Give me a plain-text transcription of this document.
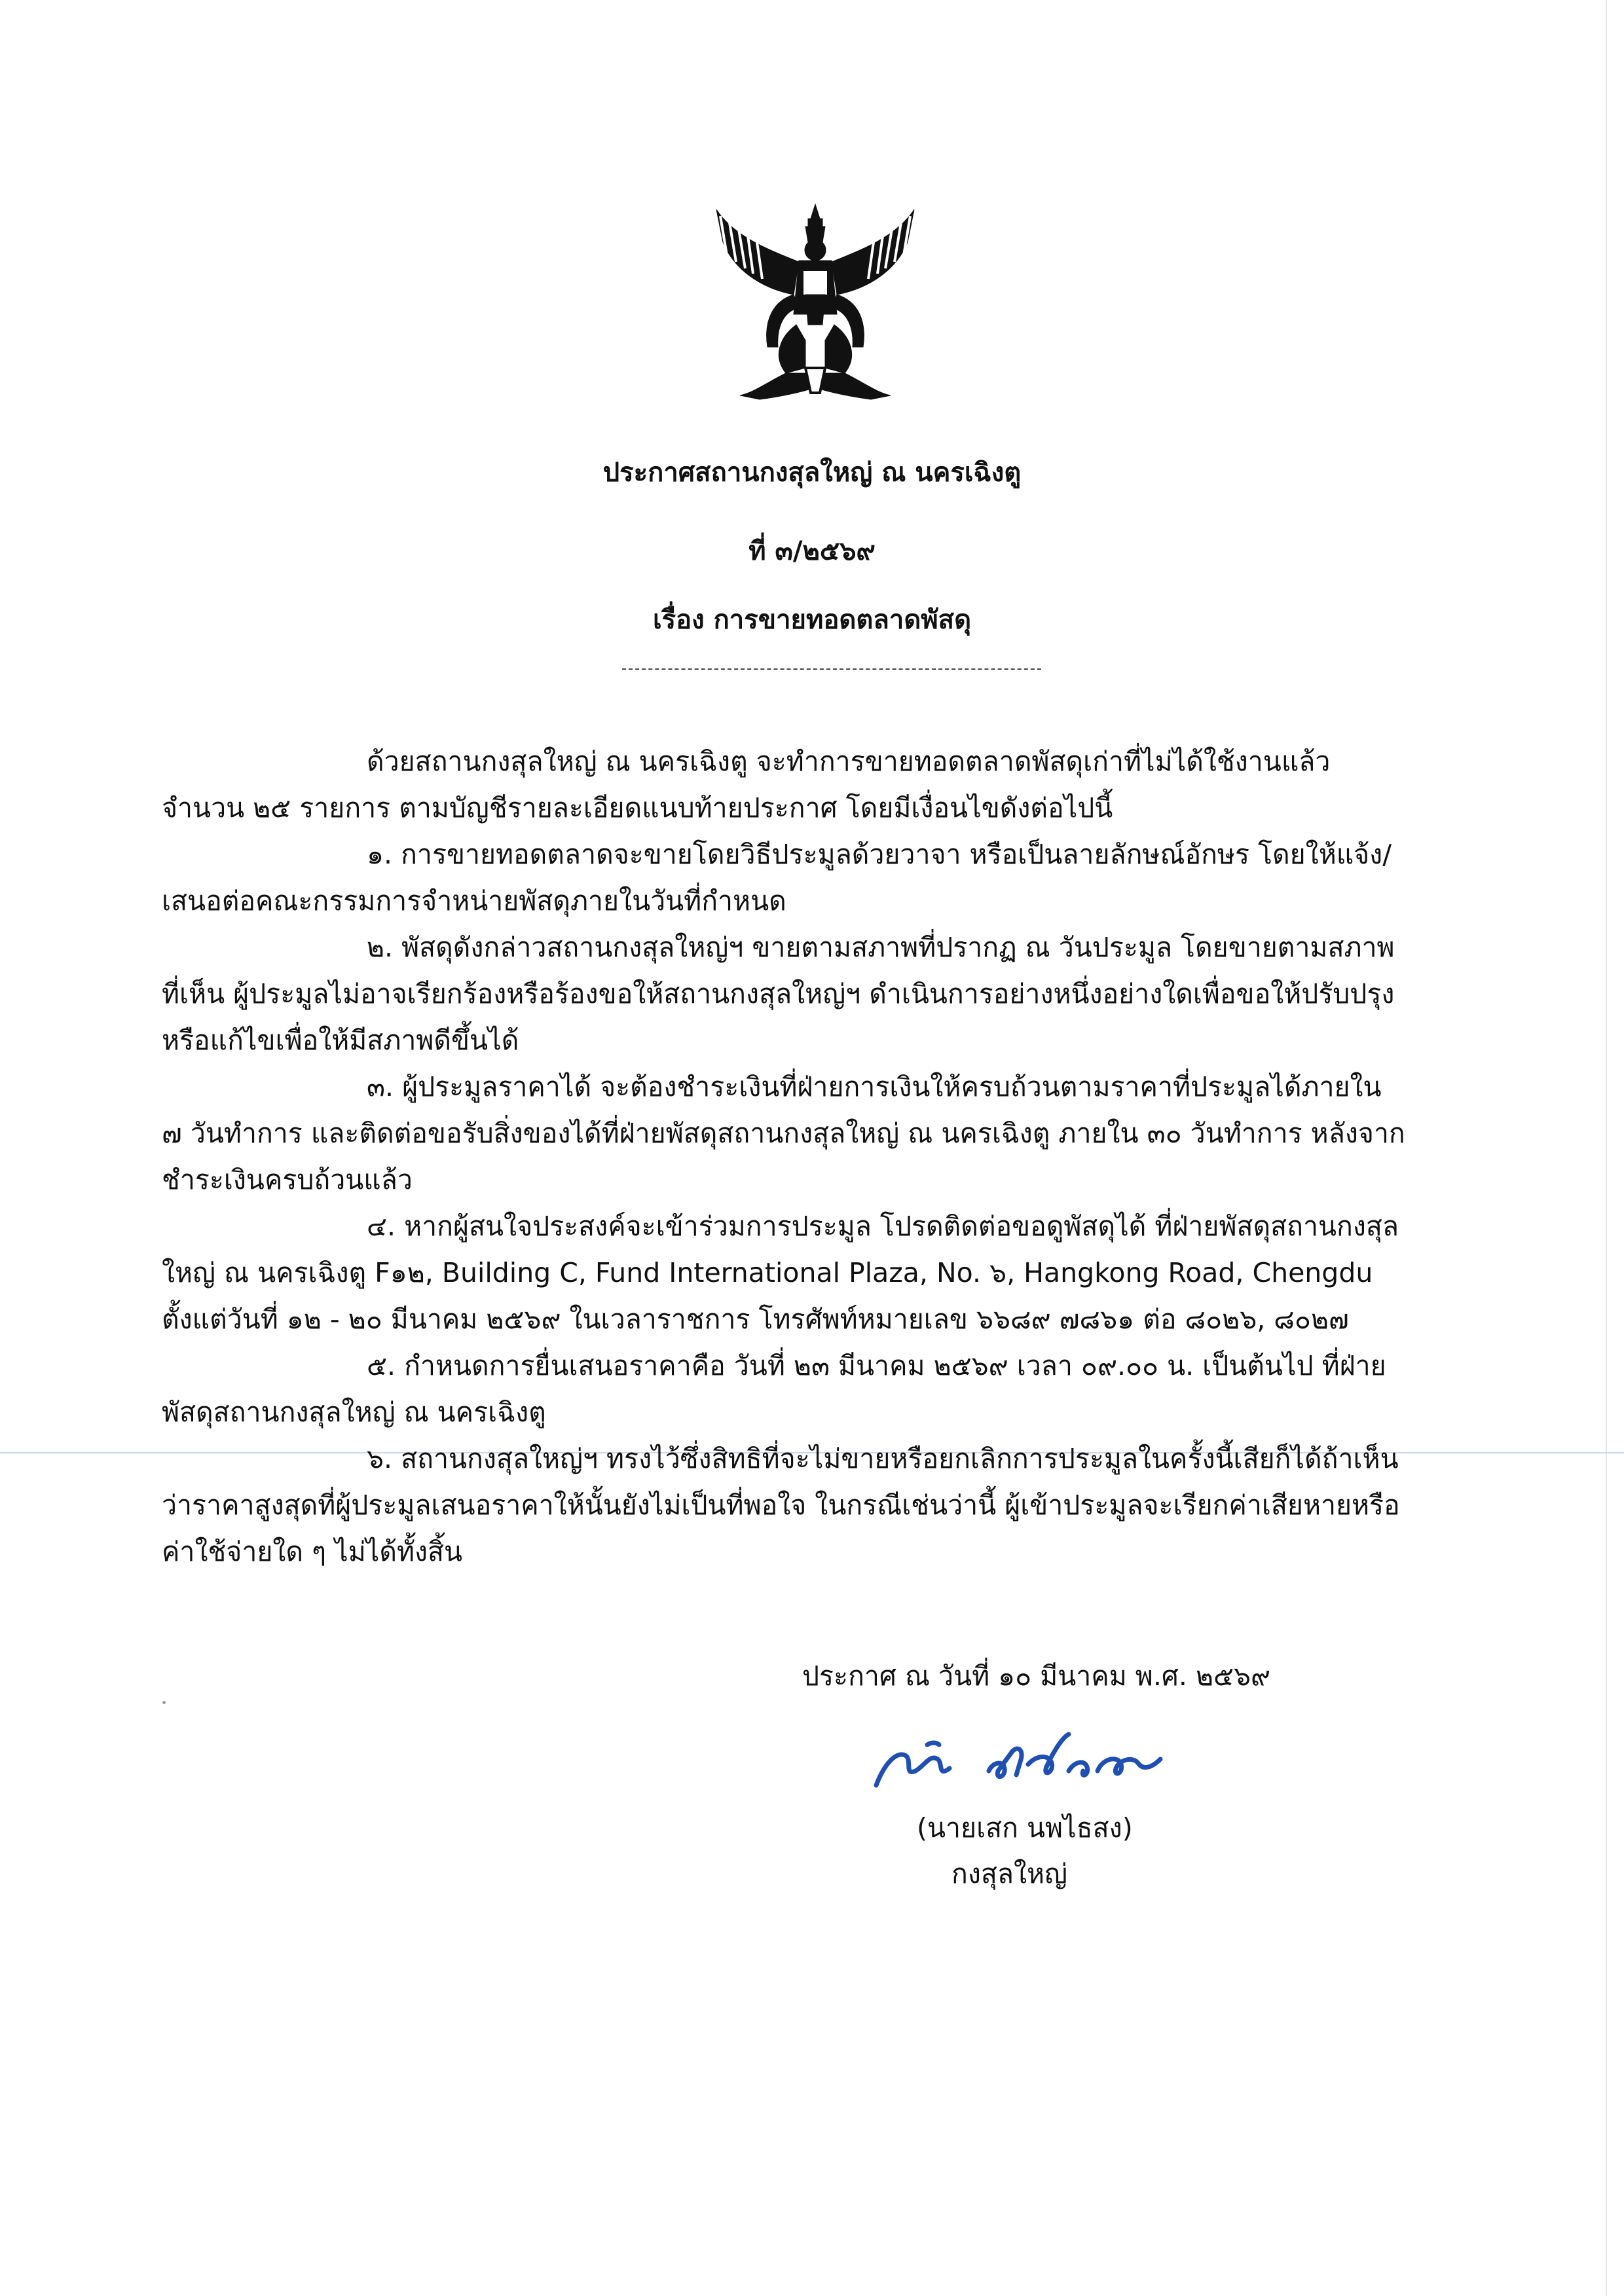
ประกาศสถานกงสุลใหญ่ ณ นครเฉิงตู
ที่ ๓/๒๕๖๙
เรื่อง การขายทอดตลาดพัสดุ

ด้วยสถานกงสุลใหญ่ ณ นครเฉิงตู จะทำการขายทอดตลาดพัสดุเก่าที่ไม่ได้ใช้งานแล้ว จำนวน ๒๕ รายการ ตามบัญชีรายละเอียดแนบท้ายประกาศ โดยมีเงื่อนไขดังต่อไปนี้

๑. การขายทอดตลาดจะขายโดยวิธีประมูลด้วยวาจา หรือเป็นลายลักษณ์อักษร โดยให้แจ้ง/เสนอต่อคณะกรรมการจำหน่ายพัสดุภายในวันที่กำหนด

๒. พัสดุดังกล่าวสถานกงสุลใหญ่ฯ ขายตามสภาพที่ปรากฏ ณ วันประมูล โดยขายตามสภาพที่เห็น ผู้ประมูลไม่อาจเรียกร้องหรือร้องขอให้สถานกงสุลใหญ่ฯ ดำเนินการอย่างหนึ่งอย่างใดเพื่อขอให้ปรับปรุงหรือแก้ไขเพื่อให้มีสภาพดีขึ้นได้

๓. ผู้ประมูลราคาได้ จะต้องชำระเงินที่ฝ่ายการเงินให้ครบถ้วนตามราคาที่ประมูลได้ภายใน ๗ วันทำการ และติดต่อขอรับสิ่งของได้ที่ฝ่ายพัสดุสถานกงสุลใหญ่ ณ นครเฉิงตู ภายใน ๓๐ วันทำการ หลังจากชำระเงินครบถ้วนแล้ว

๔. หากผู้สนใจประสงค์จะเข้าร่วมการประมูล โปรดติดต่อขอดูพัสดุได้ ที่ฝ่ายพัสดุสถานกงสุลใหญ่ ณ นครเฉิงตู F๑๒, Building C, Fund International Plaza, No. ๖, Hangkong Road, Chengdu ตั้งแต่วันที่ ๑๒ - ๒๐ มีนาคม ๒๕๖๙ ในเวลาราชการ โทรศัพท์หมายเลข ๖๖๘๙ ๗๘๖๑ ต่อ ๘๐๒๖, ๘๐๒๗

๕. กำหนดการยื่นเสนอราคาคือ วันที่ ๒๓ มีนาคม ๒๕๖๙ เวลา ๐๙.๐๐ น. เป็นต้นไป ที่ฝ่ายพัสดุสถานกงสุลใหญ่ ณ นครเฉิงตู

๖. สถานกงสุลใหญ่ฯ ทรงไว้ซึ่งสิทธิที่จะไม่ขายหรือยกเลิกการประมูลในครั้งนี้เสียก็ได้ถ้าเห็นว่าราคาสูงสุดที่ผู้ประมูลเสนอราคาให้นั้นยังไม่เป็นที่พอใจ ในกรณีเช่นว่านี้ ผู้เข้าประมูลจะเรียกค่าเสียหายหรือค่าใช้จ่ายใด ๆ ไม่ได้ทั้งสิ้น

ประกาศ ณ วันที่ ๑๐ มีนาคม พ.ศ. ๒๕๖๙
(นายเสก นพไธสง)
กงสุลใหญ่
